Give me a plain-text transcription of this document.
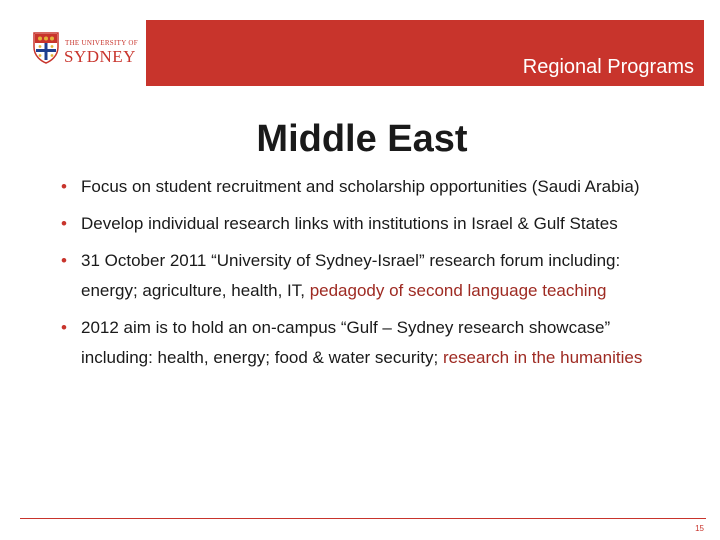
THE UNIVERSITY OF
SYDNEY	Regional Programs
Middle East
• Focus on student recruitment and scholarship opportunities (Saudi Arabia)
• Develop individual research links with institutions in Israel & Gulf States
• 31 October 2011 “University of Sydney-Israel” research forum including: energy; agriculture, health, IT, pedagody of second language teaching
• 2012 aim is to hold an on-campus “Gulf – Sydney research showcase” including: health, energy; food & water security; research in the humanities
15
